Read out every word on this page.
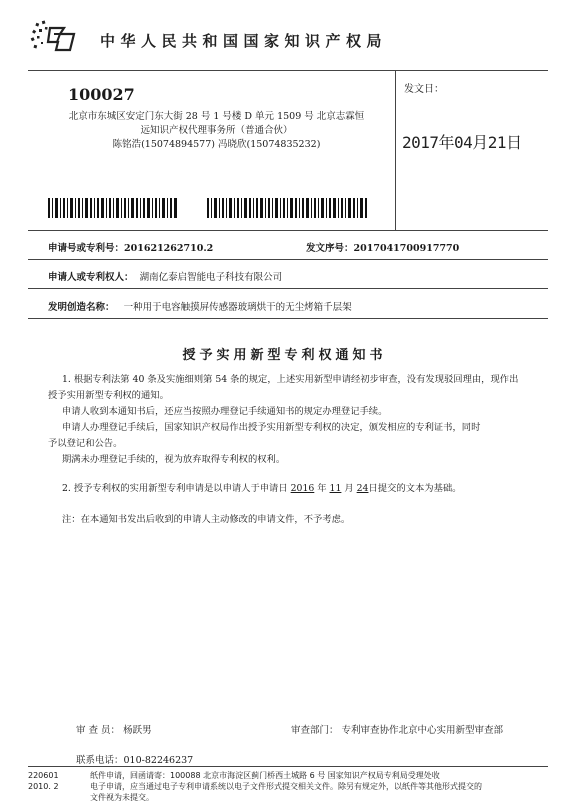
中华人民共和国国家知识产权局
100027
北京市东城区安定门东大街 28 号 1 号楼 D 单元 1509 号 北京志霖恒
远知识产权代理事务所（普通合伙）
陈铭浩(15074894577) 冯晓欣(15074835232)
发文日：
2017年04月21日
申请号或专利号：201621262710.2	发文序号：2017041700917770
申请人或专利权人： 湖南亿泰启智能电子科技有限公司
发明创造名称： 一种用于电容触摸屏传感器玻璃烘干的无尘烤箱千层架
授予实用新型专利权通知书

1. 根据专利法第 40 条及实施细则第 54 条的规定，上述实用新型申请经初步审查，没有发现驳回理由，现作出

授予实用新型专利权的通知。

申请人收到本通知书后，还应当按照办理登记手续通知书的规定办理登记手续。

申请人办理登记手续后，国家知识产权局作出授予实用新型专利权的决定，颁发相应的专利证书，同时

予以登记和公告。

期满未办理登记手续的，视为放弃取得专利权的权利。

2. 授予专利权的实用新型专利申请是以申请人于申请日 2016 年 11 月 24日提交的文本为基础。

注：在本通知书发出后收到的申请人主动修改的申请文件，不予考虑。

审 查 员： 杨跃男	审查部门： 专利审查协作北京中心实用新型审查部
联系电话：010-82246237
220601
2010. 2
纸件申请，回函请寄：100088 北京市海淀区蓟门桥西土城路 6 号 国家知识产权局专利局受理处收
电子申请，应当通过电子专利申请系统以电子文件形式提交相关文件。除另有规定外，以纸件等其他形式提交的
文件视为未提交。
